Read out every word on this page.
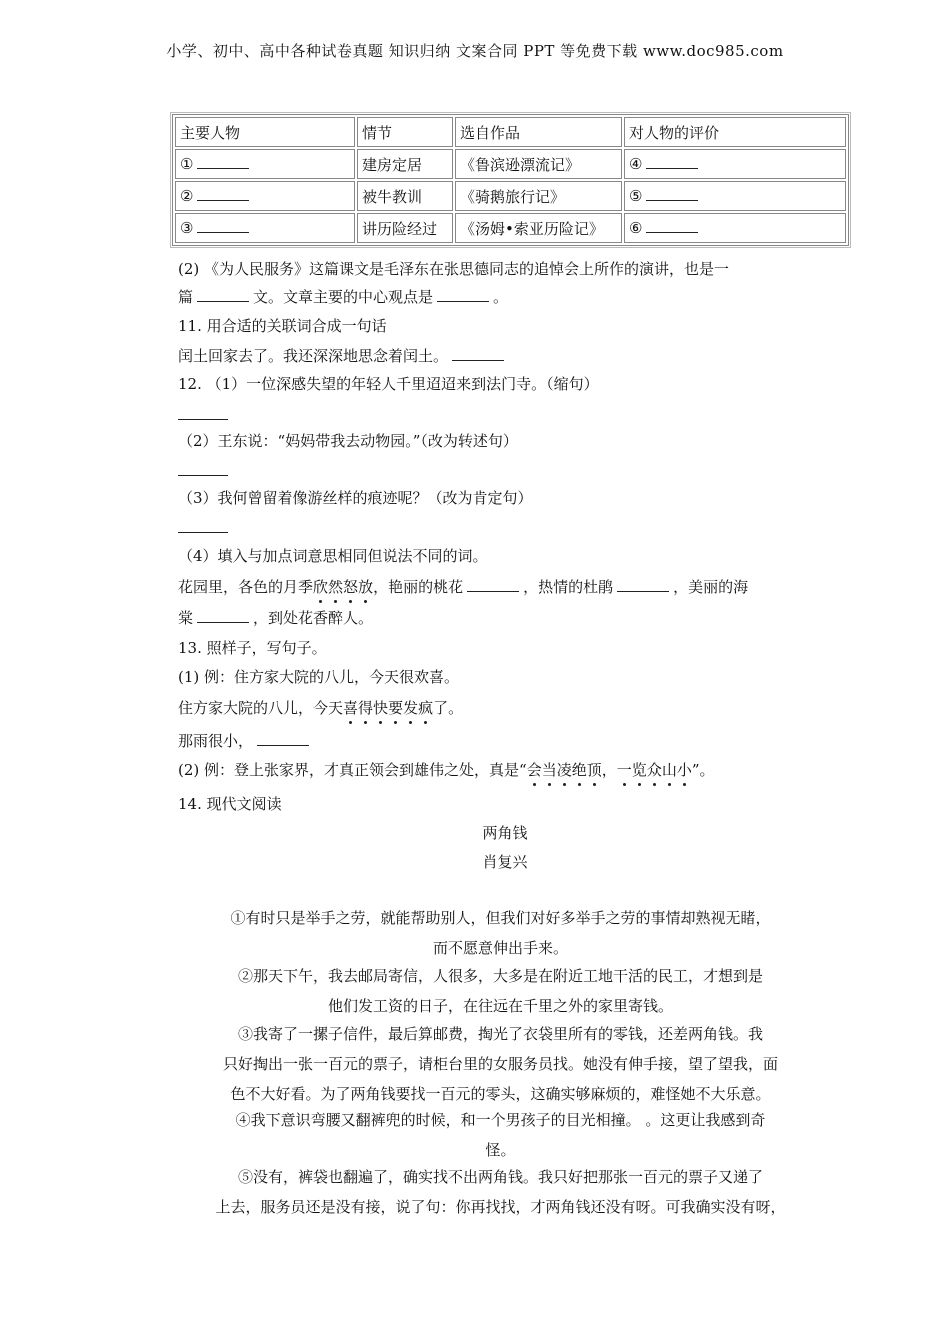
小学、初中、高中各种试卷真题 知识归纳 文案合同 PPT 等免费下载 www.doc985.com
主要人物	情节	选自作品	对人物的评价
①	建房定居	《鲁滨逊漂流记》	④
②	被牛教训	《骑鹅旅行记》	⑤
③	讲历险经过	《汤姆•索亚历险记》	⑥
(2) 《为人民服务》这篇课文是毛泽东在张思德同志的追悼会上所作的演讲，也是一
篇	文。文章主要的中心观点是	。
11. 用合适的关联词合成一句话
闰土回家去了。我还深深地思念着闰土。
12. （1）一位深感失望的年轻人千里迢迢来到法门寺。（缩句）
（2）王东说：“妈妈带我去动物园。”（改为转述句）
（3）我何曾留着像游丝样的痕迹呢？（改为肯定句）
（4）填入与加点词意思相同但说法不同的词。
花园里，各色的月季欣然怒放，艳丽的桃花	，热情的杜鹃	，美丽的海
棠	，到处花香醉人。
13. 照样子，写句子。
(1) 例：住方家大院的八儿，今天很欢喜。
住方家大院的八儿，今天喜得快要发疯了。
那雨很小，
(2) 例：登上张家界，才真正领会到雄伟之处，真是“会当凌绝顶，一览众山小”。
14. 现代文阅读
两角钱
肖复兴
①有时只是举手之劳，就能帮助别人，但我们对好多举手之劳的事情却熟视无睹，
而不愿意伸出手来。
②那天下午，我去邮局寄信，人很多，大多是在附近工地干活的民工，才想到是
他们发工资的日子，在往远在千里之外的家里寄钱。
③我寄了一摞子信件，最后算邮费，掏光了衣袋里所有的零钱，还差两角钱。我
只好掏出一张一百元的票子，请柜台里的女服务员找。她没有伸手接，望了望我，面
色不大好看。为了两角钱要找一百元的零头，这确实够麻烦的，难怪她不大乐意。
④我下意识弯腰又翻裤兜的时候，和一个男孩子的目光相撞。 。这更让我感到奇
怪。
⑤没有，裤袋也翻遍了，确实找不出两角钱。我只好把那张一百元的票子又递了
上去，服务员还是没有接，说了句：你再找找，才两角钱还没有呀。可我确实没有呀，
